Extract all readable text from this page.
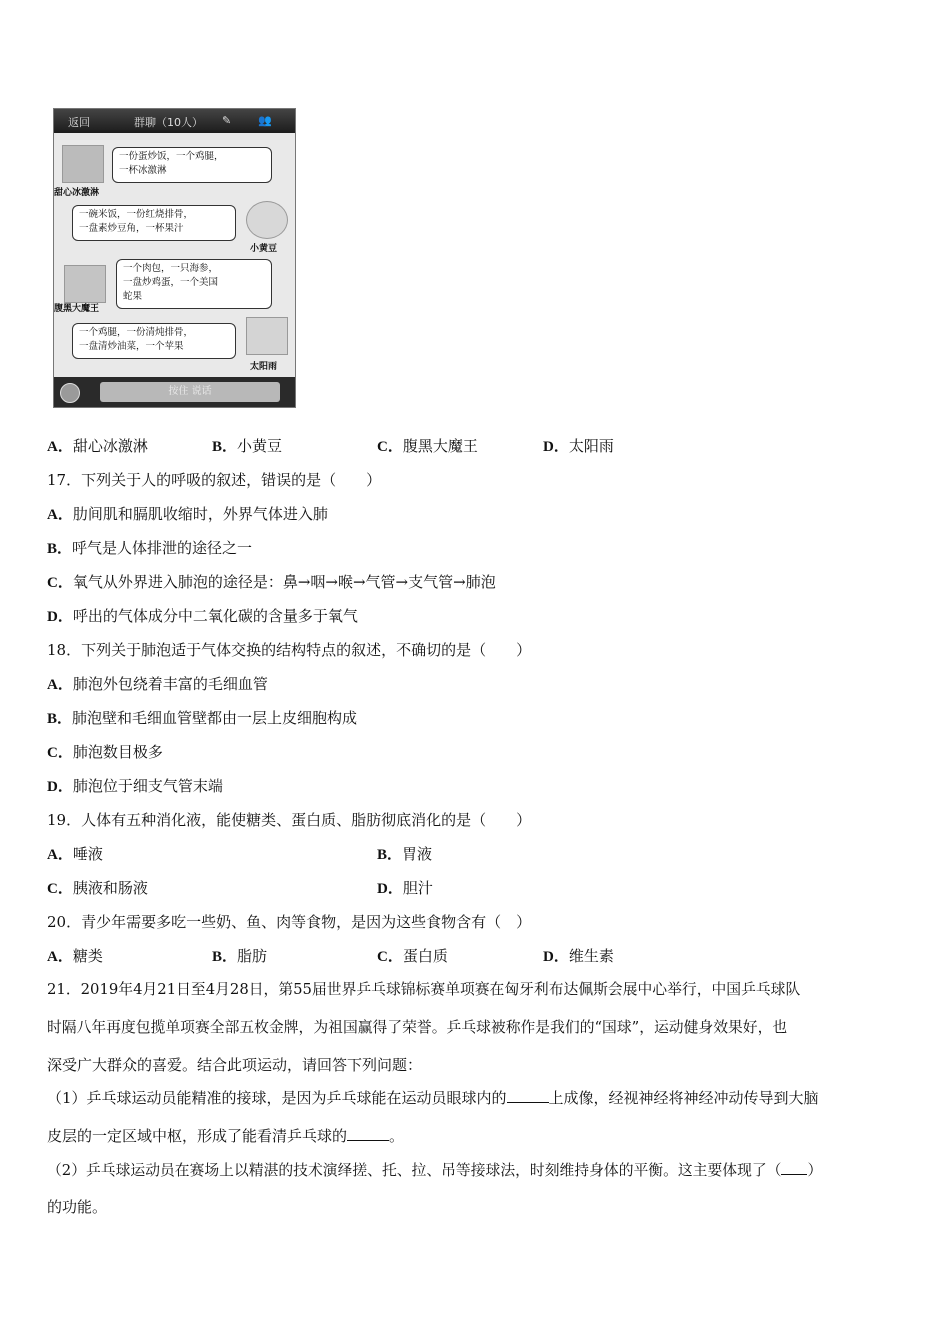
返回	群聊（10人） ✎ 👥
甜心冰激淋
一份蛋炒饭，一个鸡腿，
一杯冰激淋
一碗米饭，一份红烧排骨，
一盘素炒豆角，一杯果汁
小黄豆
腹黑大魔王
一个肉包，一只海参，
一盘炒鸡蛋，一个美国
蛇果
一个鸡腿，一份清炖排骨，
一盘清炒油菜，一个苹果
太阳雨
按住 说话
A．甜心冰激淋	B．小黄豆	C．腹黑大魔王	D．太阳雨
17．下列关于人的呼吸的叙述，错误的是（　　）
A．肋间肌和膈肌收缩时，外界气体进入肺
B．呼气是人体排泄的途径之一
C．氧气从外界进入肺泡的途径是：鼻→咽→喉→气管→支气管→肺泡
D．呼出的气体成分中二氧化碳的含量多于氧气
18．下列关于肺泡适于气体交换的结构特点的叙述，不确切的是（　　）
A．肺泡外包绕着丰富的毛细血管
B．肺泡壁和毛细血管壁都由一层上皮细胞构成
C．肺泡数目极多
D．肺泡位于细支气管末端
19．人体有五种消化液，能使糖类、蛋白质、脂肪彻底消化的是（　　）
A．唾液	B．胃液
C．胰液和肠液	D．胆汁
20．青少年需要多吃一些奶、鱼、肉等食物，是因为这些食物含有（　）
A．糖类	B．脂肪	C．蛋白质	D．维生素
21．2019年4月21日至4月28日，第55届世界乒乓球锦标赛单项赛在匈牙利布达佩斯会展中心举行，中国乒乓球队
时隔八年再度包揽单项赛全部五枚金牌，为祖国赢得了荣誉。乒乓球被称作是我们的“国球”，运动健身效果好，也
深受广大群众的喜爱。结合此项运动，请回答下列问题：
（1）乒乓球运动员能精准的接球，是因为乒乓球能在运动员眼球内的	上成像，经视神经将神经冲动传导到大脑
皮层的一定区域中枢，形成了能看清乒乓球的	。
（2）乒乓球运动员在赛场上以精湛的技术演绎搓、托、拉、吊等接球法，时刻维持身体的平衡。这主要体现了（ ）
的功能。
